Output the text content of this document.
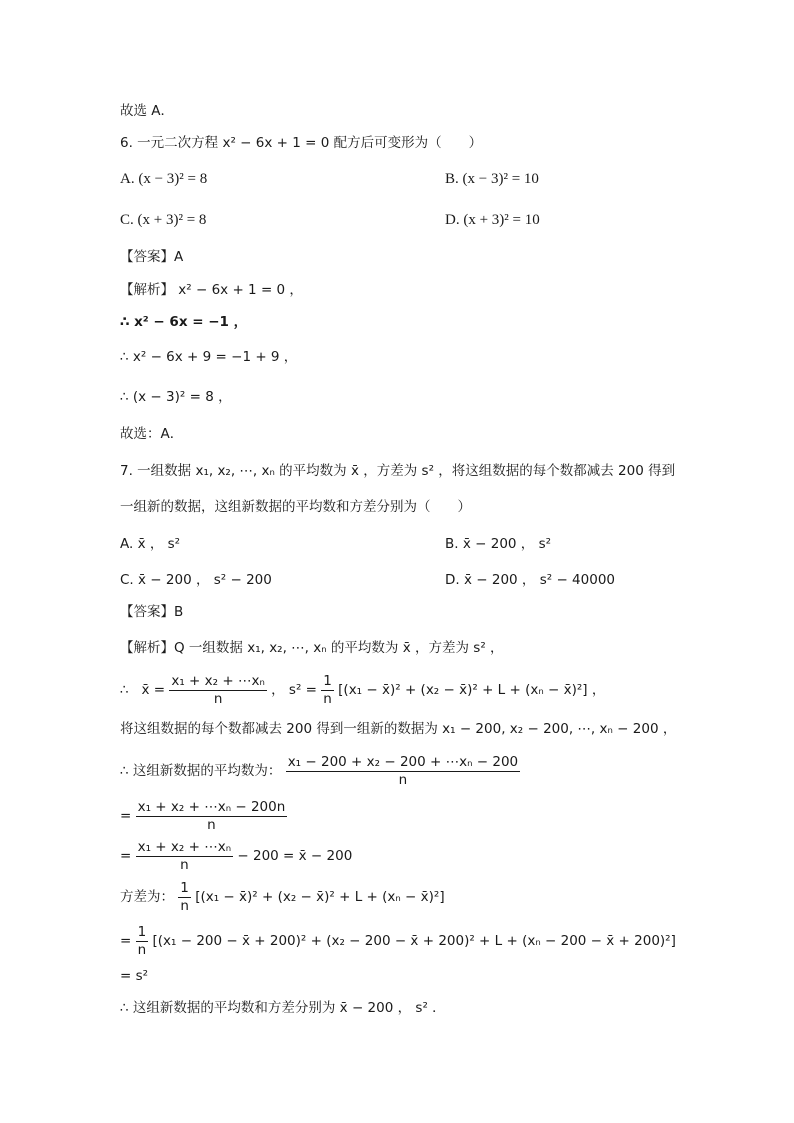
故选 A．
6. 一元二次方程 x² − 6x + 1 = 0 配方后可变形为（　　）
A. (x − 3)² = 8	B. (x − 3)² = 10
C. (x + 3)² = 8	D. (x + 3)² = 10
【答案】A
【解析】 x² − 6x + 1 = 0 ，
∴ x² − 6x = −1 ，
∴ x² − 6x + 9 = −1 + 9 ，
∴ (x − 3)² = 8 ，
故选：A．
7. 一组数据 x₁, x₂, ⋯, xₙ 的平均数为 x̄ ，方差为 s² ，将这组数据的每个数都减去 200 得到
一组新的数据，这组新数据的平均数和方差分别为（　　）
A. x̄ ， s²	B. x̄ − 200 ， s²
C. x̄ − 200 ， s² − 200	D. x̄ − 200 ， s² − 40000
【答案】B
【解析】Q 一组数据 x₁, x₂, ⋯, xₙ 的平均数为 x̄ ，方差为 s² ，
∴ x̄ = $\frac{\text{x₁ + x₂ + ⋯xₙ}}{n}$ ， $s^2 = \frac{1}{n} [(x_1$ − x̄)² + (x₂ − x̄)² + L + (xₙ − x̄)²] ，
将这组数据的每个数都减去 200 得到一组新的数据为 x₁ − 200, x₂ − 200, ⋯, xₙ − 200 ，
∴ 这组新数据的平均数为： $\frac{\text{x₁ − 200 + x₂ − 200 + ⋯xₙ − 200}}{n}$
= $\frac{\text{x₁ + x₂ + ⋯xₙ − 200n}}{n}$
= $\frac{\text{x₁ + x₂ + ⋯xₙ}}{n} - 200$ = x̄ − 200
方差为： $\frac{1}{n} [(x_1$ − x̄)² + (x₂ − x̄)² + L + (xₙ − x̄)²]
= $\frac{1}{n} [(x_1 - 200$ − x̄ + 200)² + (x₂ − 200 − x̄ + 200)² + L + (xₙ − 200 − x̄ + 200)²]
= s²
∴ 这组新数据的平均数和方差分别为 x̄ − 200 ， s² ．
